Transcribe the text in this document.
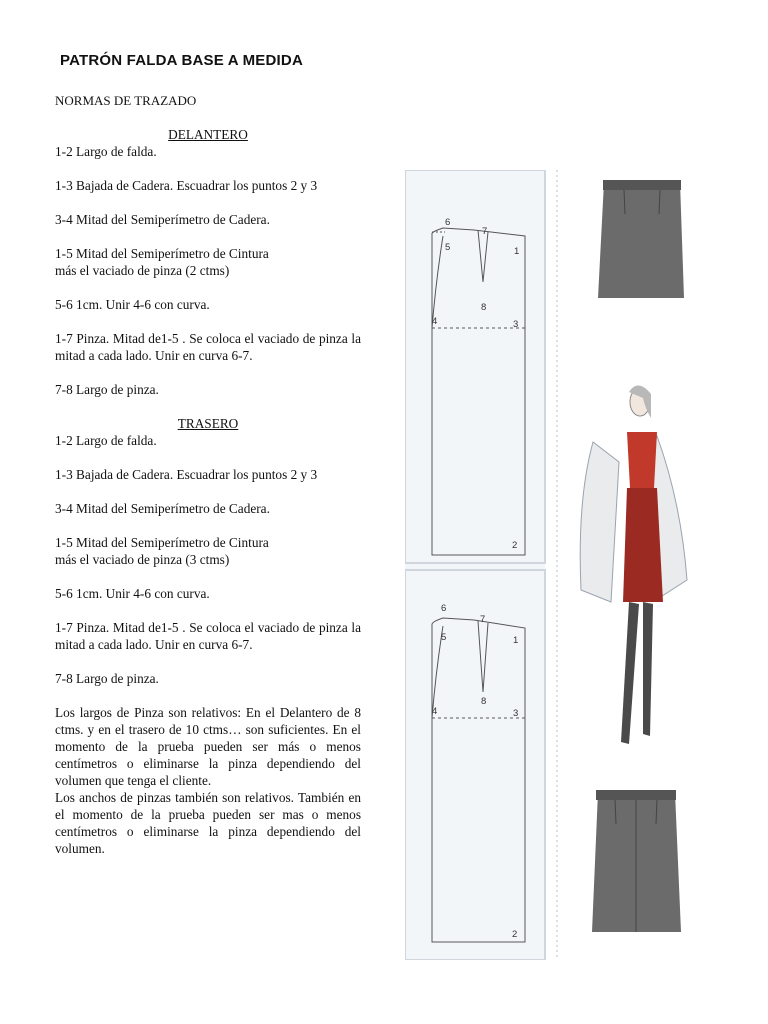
PATRÓN FALDA BASE A MEDIDA
NORMAS DE TRAZADO

DELANTERO

1-2 Largo de falda.

1-3 Bajada de Cadera. Escuadrar los puntos 2 y 3

3-4 Mitad del Semiperímetro de Cadera.

1-5 Mitad del Semiperímetro de Cintura

más el vaciado de pinza (2 ctms)

5-6 1cm. Unir 4-6 con curva.

1-7 Pinza. Mitad de1-5 . Se coloca el vaciado de pinza la mitad a cada lado. Unir en curva 6-7.

7-8 Largo de pinza.

TRASERO

1-2 Largo de falda.

1-3 Bajada de Cadera. Escuadrar los puntos 2 y 3

3-4 Mitad del Semiperímetro de Cadera.

1-5 Mitad del Semiperímetro de Cintura

más el vaciado de pinza (3 ctms)

5-6 1cm. Unir 4-6 con curva.

1-7 Pinza. Mitad de1-5 . Se coloca el vaciado de pinza la mitad a cada lado. Unir en curva 6-7.

7-8 Largo de pinza.

Los largos de Pinza son relativos: En el Delantero de 8 ctms. y en el trasero de 10 ctms… son suficientes. En el momento de la prueba pueden ser más o menos centímetros o eliminarse la pinza dependiendo del volumen que tenga el cliente.

Los anchos de pinzas también son relativos. También en el momento de la prueba pueden ser mas o menos centímetros o eliminarse la pinza dependiendo del volumen.

6
7
5	1
8
4	3
2
6
7
5	1
8
4	3
2
